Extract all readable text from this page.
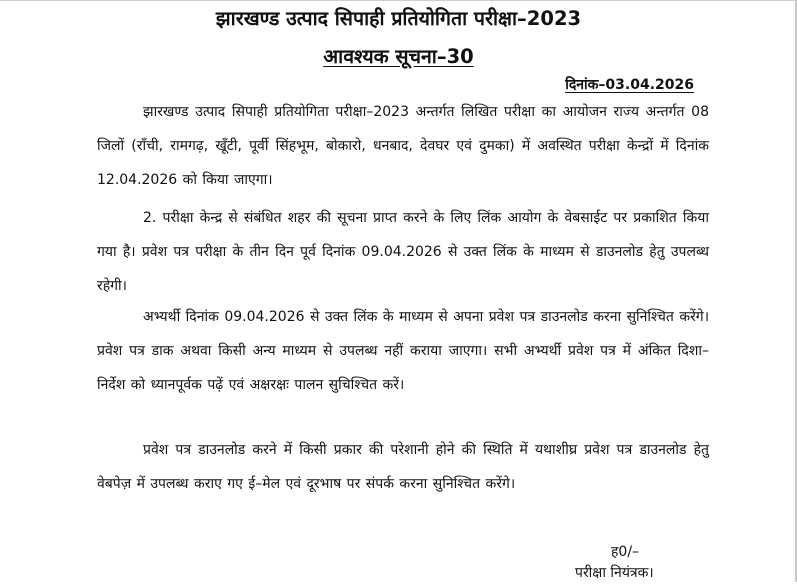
झारखण्ड उत्पाद सिपाही प्रतियोगिता परीक्षा–2023
आवश्यक सूचना–30
दिनांक–03.04.2026
झारखण्ड उत्पाद सिपाही प्रतियोगिता परीक्षा–2023 अन्तर्गत लिखित परीक्षा का आयोजन राज्य अन्तर्गत 08 जिलों (राँची, रामगढ़, खूँटी, पूर्वी सिंहभूम, बोकारो, धनबाद, देवघर एवं दुमका) में अवस्थित परीक्षा केन्द्रों में दिनांक 12.04.2026 को किया जाएगा।
2. परीक्षा केन्द्र से संबंधित शहर की सूचना प्राप्त करने के लिए लिंक आयोग के वेबसाईट पर प्रकाशित किया गया है। प्रवेश पत्र परीक्षा के तीन दिन पूर्व दिनांक 09.04.2026 से उक्त लिंक के माध्यम से डाउनलोड हेतु उपलब्ध रहेगी।
अभ्यर्थी दिनांक 09.04.2026 से उक्त लिंक के माध्यम से अपना प्रवेश पत्र डाउनलोड करना सुनिश्चित करेंगे। प्रवेश पत्र डाक अथवा किसी अन्य माध्यम से उपलब्ध नहीं कराया जाएगा। सभी अभ्यर्थी प्रवेश पत्र में अंकित दिशा–निर्देश को ध्यानपूर्वक पढ़ें एवं अक्षरक्षः पालन सुचिश्चित करें।
प्रवेश पत्र डाउनलोड करने में किसी प्रकार की परेशानी होने की स्थिति में यथाशीघ्र प्रवेश पत्र डाउनलोड हेतु वेबपेज़ में उपलब्ध कराए गए ई–मेल एवं दूरभाष पर संपर्क करना सुनिश्चित करेंगे।
ह0/–
परीक्षा नियंत्रक।
